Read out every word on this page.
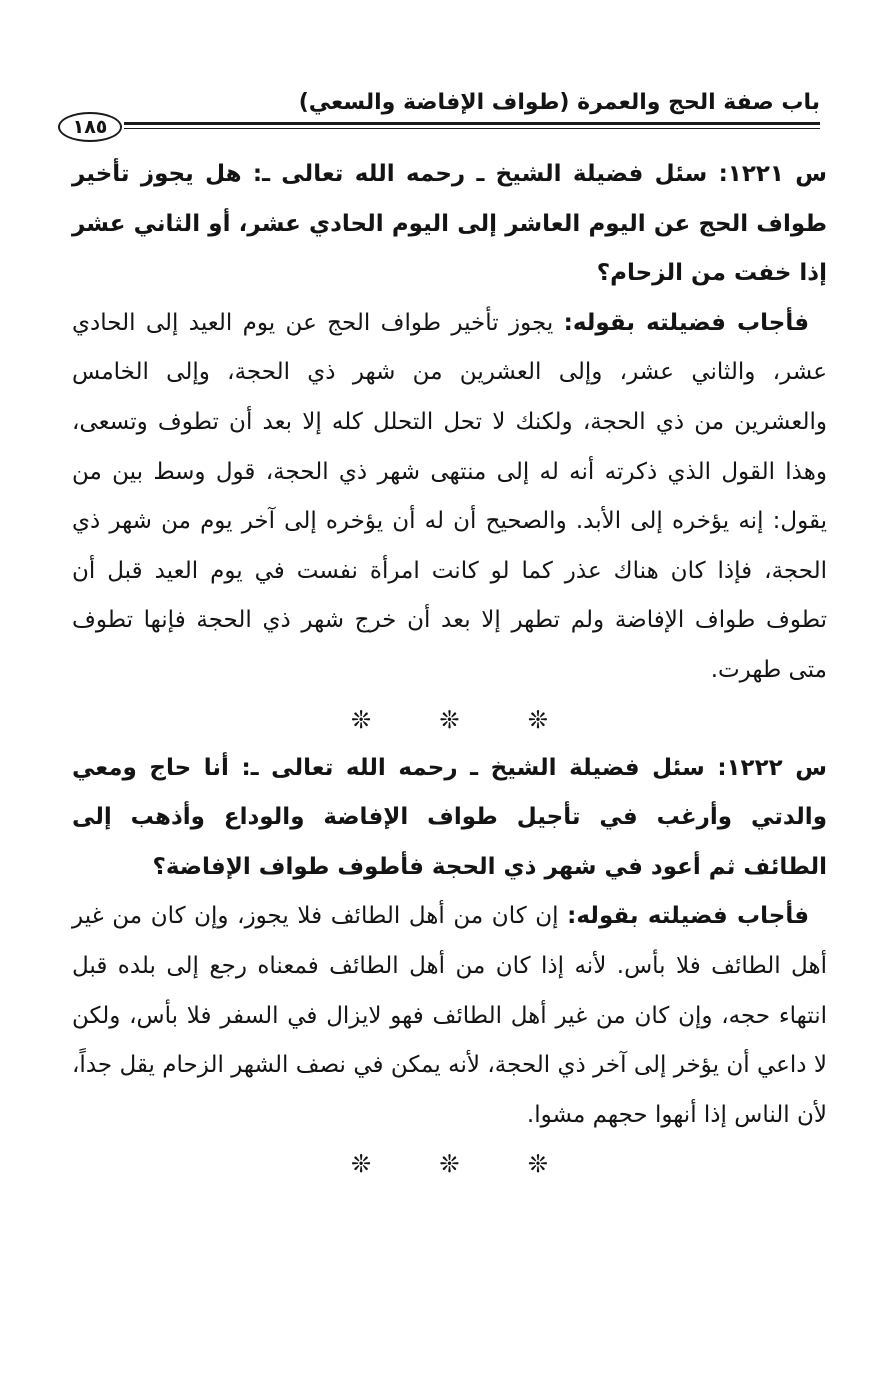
باب صفة الحج والعمرة (طواف الإفاضة والسعي)
١٨٥

س ١٢٢١: سئل فضيلة الشيخ ـ رحمه الله تعالى ـ: هل يجوز تأخير طواف الحج عن اليوم العاشر إلى اليوم الحادي عشر، أو الثاني عشر إذا خفت من الزحام؟

فأجاب فضيلته بقوله: يجوز تأخير طواف الحج عن يوم العيد إلى الحادي عشر، والثاني عشر، وإلى العشرين من شهر ذي الحجة، وإلى الخامس والعشرين من ذي الحجة، ولكنك لا تحل التحلل كله إلا بعد أن تطوف وتسعى، وهذا القول الذي ذكرته أنه له إلى منتهى شهر ذي الحجة، قول وسط بين من يقول: إنه يؤخره إلى الأبد. والصحيح أن له أن يؤخره إلى آخر يوم من شهر ذي الحجة، فإذا كان هناك عذر كما لو كانت امرأة نفست في يوم العيد قبل أن تطوف طواف الإفاضة ولم تطهر إلا بعد أن خرج شهر ذي الحجة فإنها تطوف متى طهرت.

❊ ❊ ❊

س ١٢٢٢: سئل فضيلة الشيخ ـ رحمه الله تعالى ـ: أنا حاج ومعي والدتي وأرغب في تأجيل طواف الإفاضة والوداع وأذهب إلى الطائف ثم أعود في شهر ذي الحجة فأطوف طواف الإفاضة؟

فأجاب فضيلته بقوله: إن كان من أهل الطائف فلا يجوز، وإن كان من غير أهل الطائف فلا بأس. لأنه إذا كان من أهل الطائف فمعناه رجع إلى بلده قبل انتهاء حجه، وإن كان من غير أهل الطائف فهو لايزال في السفر فلا بأس، ولكن لا داعي أن يؤخر إلى آخر ذي الحجة، لأنه يمكن في نصف الشهر الزحام يقل جداً، لأن الناس إذا أنهوا حجهم مشوا.

❊ ❊ ❊
